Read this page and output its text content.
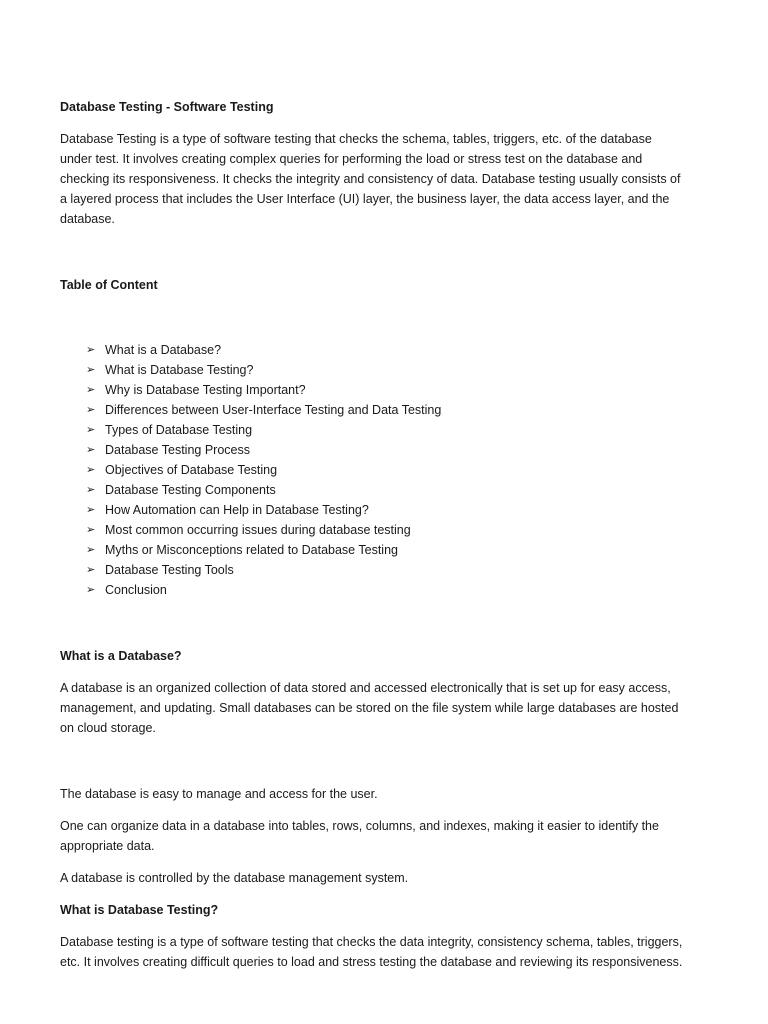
Database Testing - Software Testing

Database Testing is a type of software testing that checks the schema, tables, triggers, etc. of the database under test. It involves creating complex queries for performing the load or stress test on the database and checking its responsiveness. It checks the integrity and consistency of data. Database testing usually consists of a layered process that includes the User Interface (UI) layer, the business layer, the data access layer, and the database.

Table of Content

➢ What is a Database?
➢ What is Database Testing?
➢ Why is Database Testing Important?
➢ Differences between User-Interface Testing and Data Testing
➢ Types of Database Testing
➢ Database Testing Process
➢ Objectives of Database Testing
➢ Database Testing Components
➢ How Automation can Help in Database Testing?
➢ Most common occurring issues during database testing
➢ Myths or Misconceptions related to Database Testing
➢ Database Testing Tools
➢ Conclusion

What is a Database?

A database is an organized collection of data stored and accessed electronically that is set up for easy access, management, and updating. Small databases can be stored on the file system while large databases are hosted on cloud storage.

The database is easy to manage and access for the user.

One can organize data in a database into tables, rows, columns, and indexes, making it easier to identify the appropriate data.

A database is controlled by the database management system.

What is Database Testing?

Database testing is a type of software testing that checks the data integrity, consistency schema, tables, triggers, etc. It involves creating difficult queries to load and stress testing the database and reviewing its responsiveness.
